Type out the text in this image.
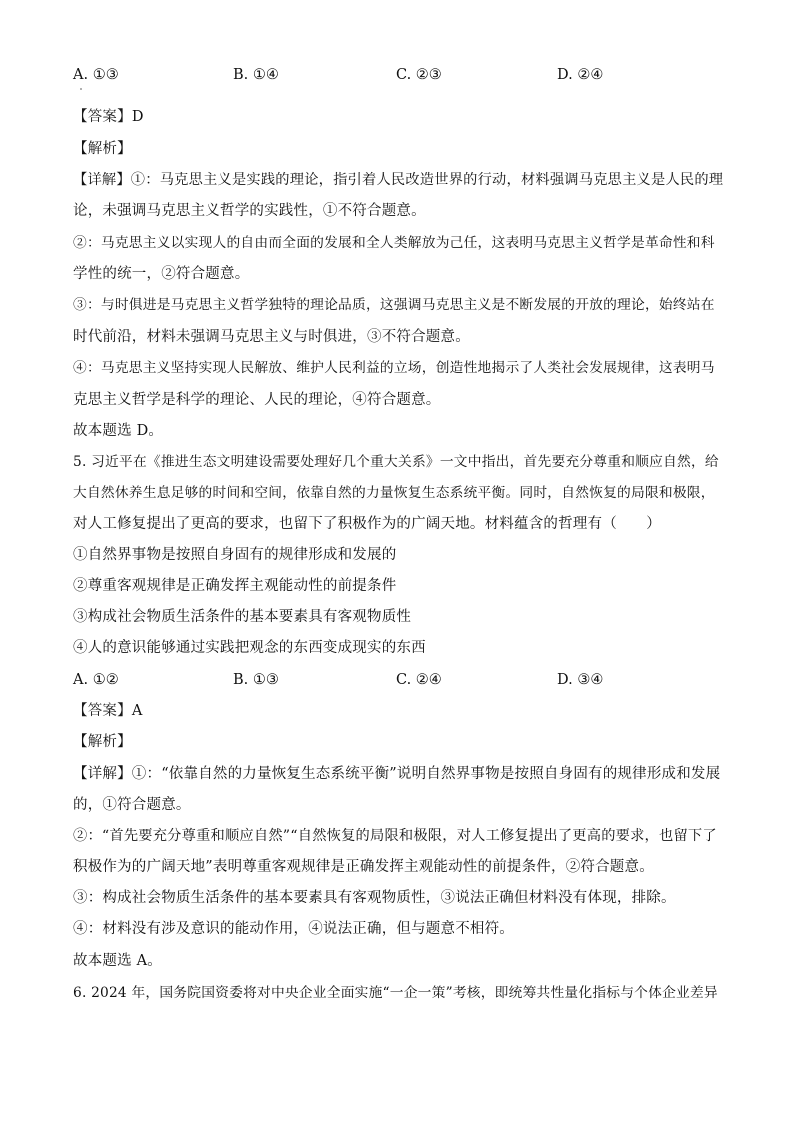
A. ①③	B. ①④	C. ②③	D. ②④
【答案】D
【解析】
【详解】①：马克思主义是实践的理论，指引着人民改造世界的行动，材料强调马克思主义是人民的理
论，未强调马克思主义哲学的实践性，①不符合题意。
②：马克思主义以实现人的自由而全面的发展和全人类解放为己任，这表明马克思主义哲学是革命性和科
学性的统一，②符合题意。
③：与时俱进是马克思主义哲学独特的理论品质，这强调马克思主义是不断发展的开放的理论，始终站在
时代前沿，材料未强调马克思主义与时俱进，③不符合题意。
④：马克思主义坚持实现人民解放、维护人民利益的立场，创造性地揭示了人类社会发展规律，这表明马
克思主义哲学是科学的理论、人民的理论，④符合题意。
故本题选 D。
5. 习近平在《推进生态文明建设需要处理好几个重大关系》一文中指出，首先要充分尊重和顺应自然，给
大自然休养生息足够的时间和空间，依靠自然的力量恢复生态系统平衡。同时，自然恢复的局限和极限，
对人工修复提出了更高的要求，也留下了积极作为的广阔天地。材料蕴含的哲理有（　　）
①自然界事物是按照自身固有的规律形成和发展的
②尊重客观规律是正确发挥主观能动性的前提条件
③构成社会物质生活条件的基本要素具有客观物质性
④人的意识能够通过实践把观念的东西变成现实的东西
A. ①②	B. ①③	C. ②④	D. ③④
【答案】A
【解析】
【详解】①：“依靠自然的力量恢复生态系统平衡”说明自然界事物是按照自身固有的规律形成和发展
的，①符合题意。
②：“首先要充分尊重和顺应自然”“自然恢复的局限和极限，对人工修复提出了更高的要求，也留下了
积极作为的广阔天地”表明尊重客观规律是正确发挥主观能动性的前提条件，②符合题意。
③：构成社会物质生活条件的基本要素具有客观物质性，③说法正确但材料没有体现，排除。
④：材料没有涉及意识的能动作用，④说法正确，但与题意不相符。
故本题选 A。
6. 2024 年，国务院国资委将对中央企业全面实施“一企一策”考核，即统筹共性量化指标与个体企业差异
